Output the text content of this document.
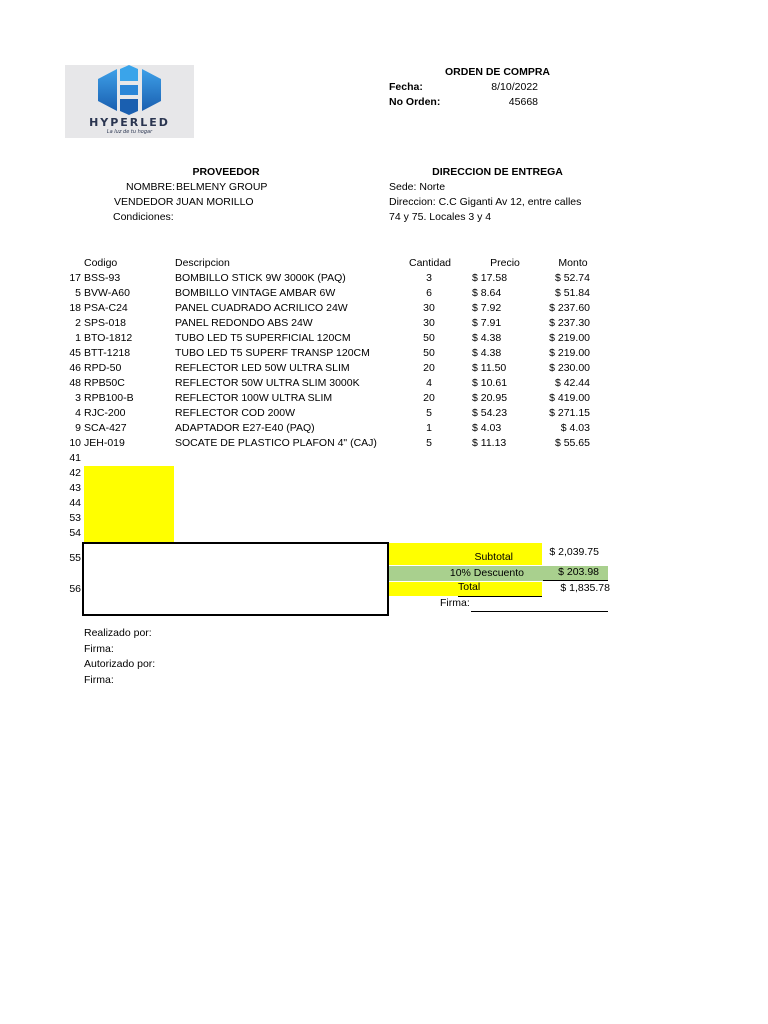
HYPERLED
La luz de tu hogar
ORDEN DE COMPRA
Fecha:	8/10/2022
No Orden:	45668
PROVEEDOR
NOMBRE: BELMENY GROUP
VENDEDOR :
JUAN MORILLO
Condiciones:
DIRECCION DE ENTREGA
Sede: Norte
Direccion: C.C Giganti Av 12, entre calles
74 y 75. Locales 3 y 4
Codigo	Descripcion	Cantidad	Precio	Monto
17 BSS-93	BOMBILLO STICK 9W 3000K (PAQ)	3	$ 17.58	$ 52.74
5 BVW-A60	BOMBILLO VINTAGE AMBAR 6W	6	$ 8.64	$ 51.84
18 PSA-C24	PANEL CUADRADO ACRILICO 24W	30	$ 7.92	$ 237.60
2 SPS-018	PANEL REDONDO ABS 24W	30	$ 7.91	$ 237.30
1 BTO-1812	TUBO LED T5 SUPERFICIAL 120CM	50	$ 4.38	$ 219.00
45 BTT-1218	TUBO LED T5 SUPERF TRANSP 120CM	50	$ 4.38	$ 219.00
46 RPD-50	REFLECTOR LED 50W ULTRA SLIM	20	$ 11.50	$ 230.00
48 RPB50C	REFLECTOR 50W ULTRA SLIM 3000K	4	$ 10.61	$ 42.44
3 RPB100-B	REFLECTOR 100W ULTRA SLIM	20	$ 20.95	$ 419.00
4 RJC-200	REFLECTOR COD 200W	5	$ 54.23	$ 271.15
9 SCA-427	ADAPTADOR E27-E40 (PAQ)	1	$ 4.03	$ 4.03
10 JEH-019	SOCATE DE PLASTICO PLAFON 4" (CAJ)	5	$ 11.13	$ 55.65
41
42
43
44
53
54
55
56
Subtotal	$ 2,039.75
10% Descuento	$ 203.98
Total	$ 1,835.78
Firma:
Realizado por:
Firma:
Autorizado por:
Firma:
